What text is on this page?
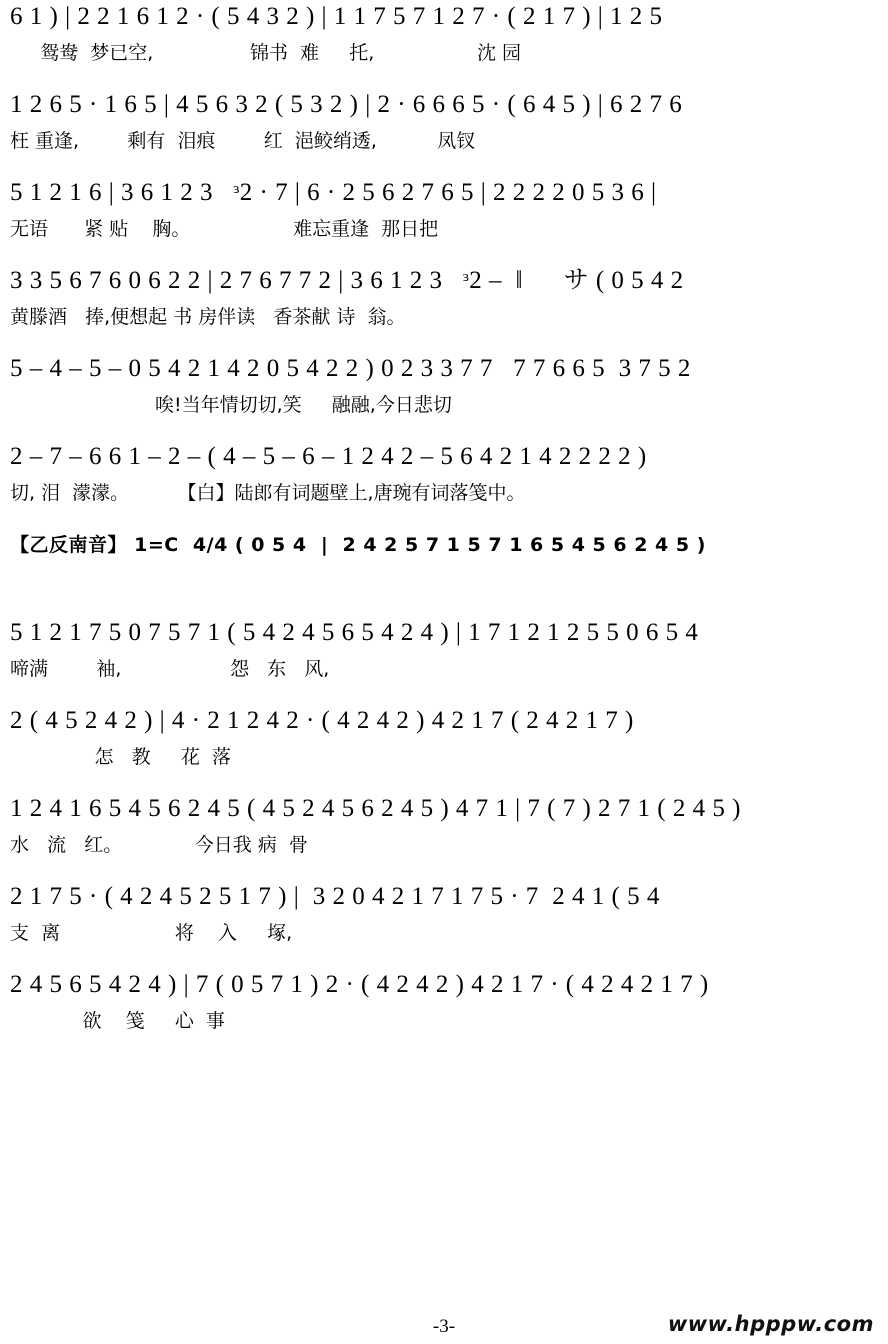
6 1 ) | 2 2 1 6 1 2 · ( 5 4 3 2 ) | 1 1 7 5 7 1 2 7 · ( 2 1 7 ) | 1 2 5
鸳鸯  梦已空,                锦书  难     托,                 沈 园
1 2 6 5 · 1 6 5 | 4 5 6 3 2 ( 5 3 2 ) | 2 · 6 6 6 5 · ( 6 4 5 ) | 6 2 7 6
枉 重逢,        剩有  泪痕        红  浥鲛绡透,          凤钗
5 1 2 1 6 | 3 6 1 2 3   ᶟ2 · 7 | 6 · 2 5 6 2 7 6 5 | 2 2 2 2 0 5 3 6 |
无语      紧 贴    胸。                 难忘重逢  那日把
3 3 5 6 7 6 0 6 2 2 | 2 7 6 7 7 2 | 3 6 1 2 3   ᶟ2 –  ‖      サ ( 0 5 4 2
黄滕酒   捧,便想起 书 房伴读   香茶献 诗  翁。
5 – 4 – 5 – 0 5 4 2 1 4 2 0 5 4 2 2 ) 0 2 3 3 7 7   7 7 6 6 5  3 7 5 2
唉!当年情切切,笑     融融,今日悲切
2 – 7 – 6 6 1 – 2 – ( 4 – 5 – 6 – 1 2 4 2 – 5 6 4 2 1 4 2 2 2 2 )
切, 泪  濛濛。        【白】陆郎有词题壁上,唐琬有词落笺中。
【乙反南音】 1=C  4/4 ( 0 5 4  |  2 4 2 5 7 1 5 7 1 6 5 4 5 6 2 4 5 )
5 1 2 1 7 5 0 7 5 7 1 ( 5 4 2 4 5 6 5 4 2 4 ) | 1 7 1 2 1 2 5 5 0 6 5 4
啼满        袖,                  怨   东   风,
2 ( 4 5 2 4 2 ) | 4 · 2 1 2 4 2 · ( 4 2 4 2 ) 4 2 1 7 ( 2 4 2 1 7 )
怎   教     花  落
1 2 4 1 6 5 4 5 6 2 4 5 ( 4 5 2 4 5 6 2 4 5 ) 4 7 1 | 7 ( 7 ) 2 7 1 ( 2 4 5 )
水   流   红。            今日我 病  骨
2 1 7 5 · ( 4 2 4 5 2 5 1 7 ) |  3 2 0 4 2 1 7 1 7 5 · 7  2 4 1 ( 5 4
支  离                   将    入     塚,
2 4 5 6 5 4 2 4 ) | 7 ( 0 5 7 1 ) 2 · ( 4 2 4 2 ) 4 2 1 7 · ( 4 2 4 2 1 7 )
欲    笺     心  事
-3-	www.hpppw.com
